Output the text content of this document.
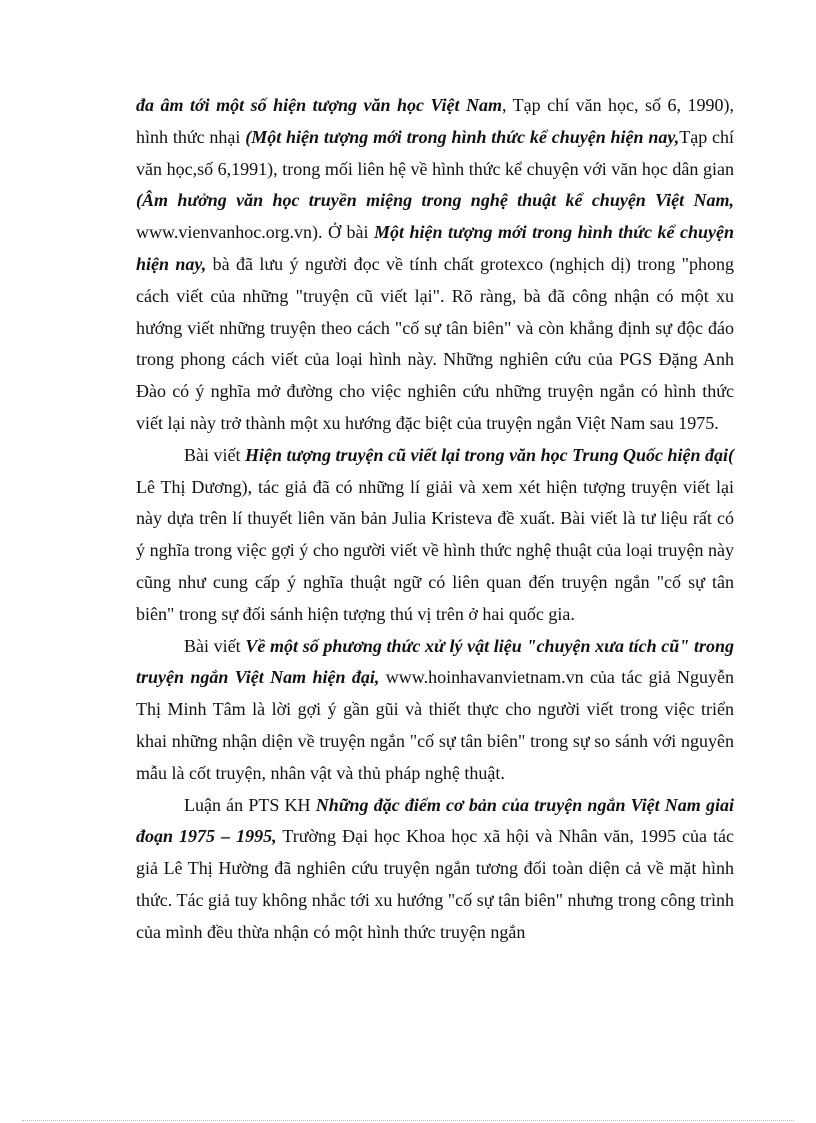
đa âm tới một số hiện tượng văn học Việt Nam, Tạp chí văn học, số 6, 1990), hình thức nhại (Một hiện tượng mới trong hình thức kể chuyện hiện nay,Tạp chí văn học,số 6,1991), trong mối liên hệ về hình thức kể chuyện với văn học dân gian (Âm hưởng văn học truyền miệng trong nghệ thuật kể chuyện Việt Nam, www.vienvanhoc.org.vn). Ở bài Một hiện tượng mới trong hình thức kể chuyện hiện nay, bà đã lưu ý người đọc về tính chất grotexco (nghịch dị) trong "phong cách viết của những "truyện cũ viết lại". Rõ ràng, bà đã công nhận có một xu hướng viết những truyện theo cách "cố sự tân biên" và còn khẳng định sự độc đáo trong phong cách viết của loại hình này. Những nghiên cứu của PGS Đặng Anh Đào có ý nghĩa mở đường cho việc nghiên cứu những truyện ngắn có hình thức viết lại này trở thành một xu hướng đặc biệt của truyện ngắn Việt Nam sau 1975.

Bài viết Hiện tượng truyện cũ viết lại trong văn học Trung Quốc hiện đại( Lê Thị Dương), tác giả đã có những lí giải và xem xét hiện tượng truyện viết lại này dựa trên lí thuyết liên văn bản Julia Kristeva đề xuất. Bài viết là tư liệu rất có ý nghĩa trong việc gợi ý cho người viết về hình thức nghệ thuật của loại truyện này cũng như cung cấp ý nghĩa thuật ngữ có liên quan đến truyện ngắn "cố sự tân biên" trong sự đối sánh hiện tượng thú vị trên ở hai quốc gia.

Bài viết Về một số phương thức xử lý vật liệu "chuyện xưa tích cũ" trong truyện ngắn Việt Nam hiện đại, www.hoinhavanvietnam.vn của tác giả Nguyễn Thị Minh Tâm là lời gợi ý gần gũi và thiết thực cho người viết trong việc triển khai những nhận diện về truyện ngắn "cố sự tân biên" trong sự so sánh với nguyên mẫu là cốt truyện, nhân vật và thủ pháp nghệ thuật.

Luận án PTS KH Những đặc điểm cơ bản của truyện ngắn Việt Nam giai đoạn 1975 – 1995, Trường Đại học Khoa học xã hội và Nhân văn, 1995 của tác giả Lê Thị Hường đã nghiên cứu truyện ngắn tương đối toàn diện cả về mặt hình thức. Tác giả tuy không nhắc tới xu hướng "cố sự tân biên" nhưng trong công trình của mình đều thừa nhận có một hình thức truyện ngắn
